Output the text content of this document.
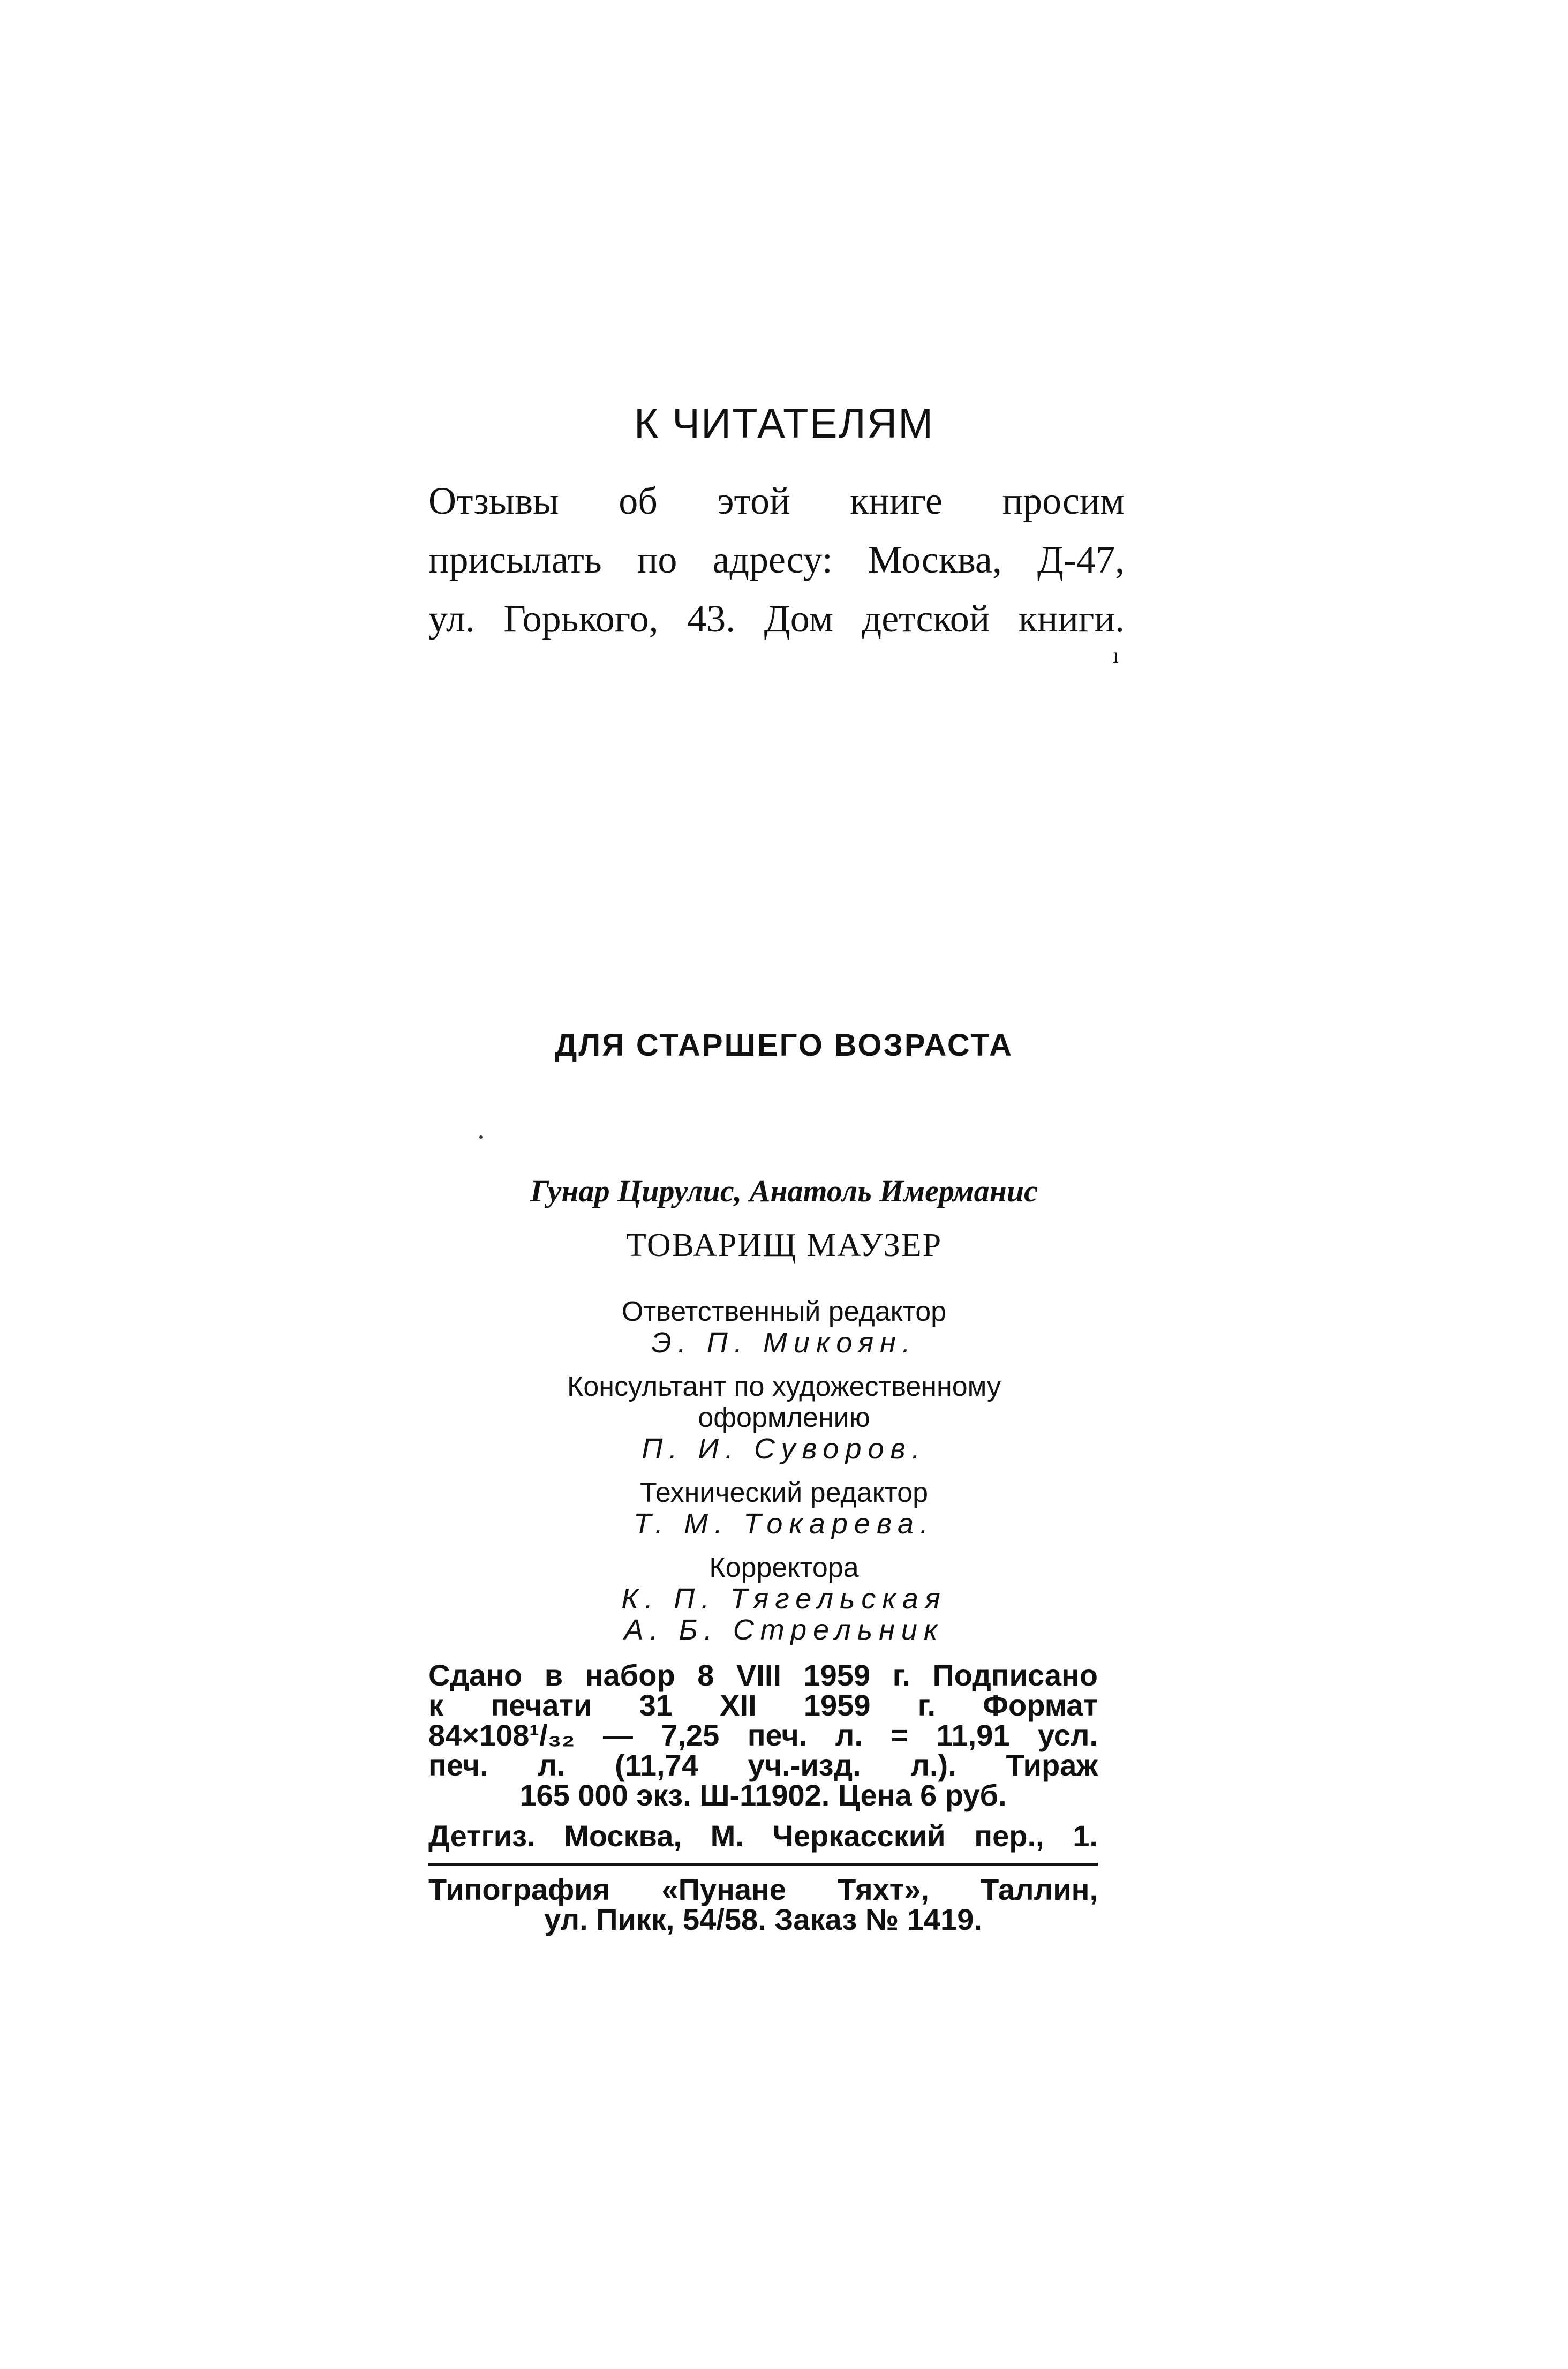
К ЧИТАТЕЛЯМ
Отзывы об этой книге просим
присылать по адресу: Москва, Д-47,
ул. Горького, 43. Дом детской книги.
ı
ДЛЯ СТАРШЕГО ВОЗРАСТА
Гунар Цирулис, Анатоль Имерманис
ТОВАРИЩ МАУЗЕР
Ответственный редактор
Э. П. Микоян.
Консультант по художественному
оформлению
П. И. Суворов.
Технический редактор
Т. М. Токарева.
Корректора
К. П. Тягельская
А. Б. Стрельник
Сдано в набор 8 VIII 1959 г. Подписано
к печати 31 XII 1959 г. Формат
84×108¹/₃₂ — 7,25 печ. л. = 11,91 усл.
печ. л. (11,74 уч.-изд. л.). Тираж
165 000 экз. Ш-11902. Цена 6 руб.
Детгиз. Москва, М. Черкасский пер., 1.
Типография «Пунане Тяхт», Таллин,
ул. Пикк, 54/58. Заказ № 1419.
